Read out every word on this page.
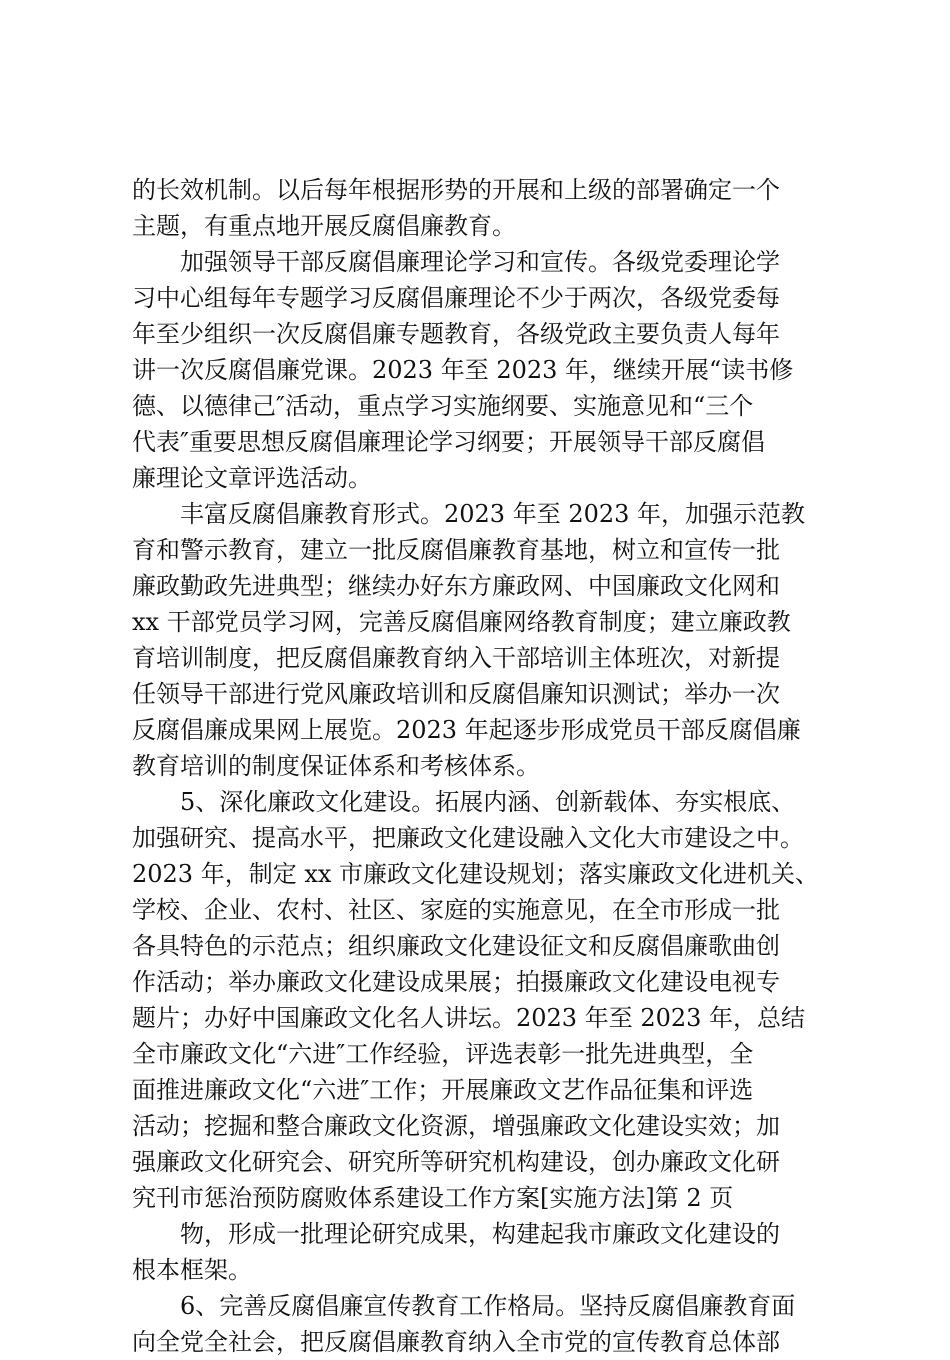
的长效机制。以后每年根据形势的开展和上级的部署确定一个

主题，有重点地开展反腐倡廉教育。

加强领导干部反腐倡廉理论学习和宣传。各级党委理论学

习中心组每年专题学习反腐倡廉理论不少于两次，各级党委每

年至少组织一次反腐倡廉专题教育，各级党政主要负责人每年

讲一次反腐倡廉党课。2023 年至 2023 年，继续开展“读书修

德、以德律己″活动，重点学习实施纲要、实施意见和“三个

代表″重要思想反腐倡廉理论学习纲要；开展领导干部反腐倡

廉理论文章评选活动。

丰富反腐倡廉教育形式。2023 年至 2023 年，加强示范教

育和警示教育，建立一批反腐倡廉教育基地，树立和宣传一批

廉政勤政先进典型；继续办好东方廉政网、中国廉政文化网和

xx 干部党员学习网，完善反腐倡廉网络教育制度；建立廉政教

育培训制度，把反腐倡廉教育纳入干部培训主体班次，对新提

任领导干部进行党风廉政培训和反腐倡廉知识测试；举办一次

反腐倡廉成果网上展览。2023 年起逐步形成党员干部反腐倡廉

教育培训的制度保证体系和考核体系。

5、深化廉政文化建设。拓展内涵、创新载体、夯实根底、

加强研究、提高水平，把廉政文化建设融入文化大市建设之中。

2023 年，制定 xx 市廉政文化建设规划；落实廉政文化进机关、

学校、企业、农村、社区、家庭的实施意见，在全市形成一批

各具特色的示范点；组织廉政文化建设征文和反腐倡廉歌曲创

作活动；举办廉政文化建设成果展；拍摄廉政文化建设电视专

题片；办好中国廉政文化名人讲坛。2023 年至 2023 年，总结

全市廉政文化“六进″工作经验，评选表彰一批先进典型，全

面推进廉政文化“六进″工作；开展廉政文艺作品征集和评选

活动；挖掘和整合廉政文化资源，增强廉政文化建设实效；加

强廉政文化研究会、研究所等研究机构建设，创办廉政文化研

究刊市惩治预防腐败体系建设工作方案[实施方法]第 2 页

物，形成一批理论研究成果，构建起我市廉政文化建设的

根本框架。

6、完善反腐倡廉宣传教育工作格局。坚持反腐倡廉教育面

向全党全社会，把反腐倡廉教育纳入全市党的宣传教育总体部
